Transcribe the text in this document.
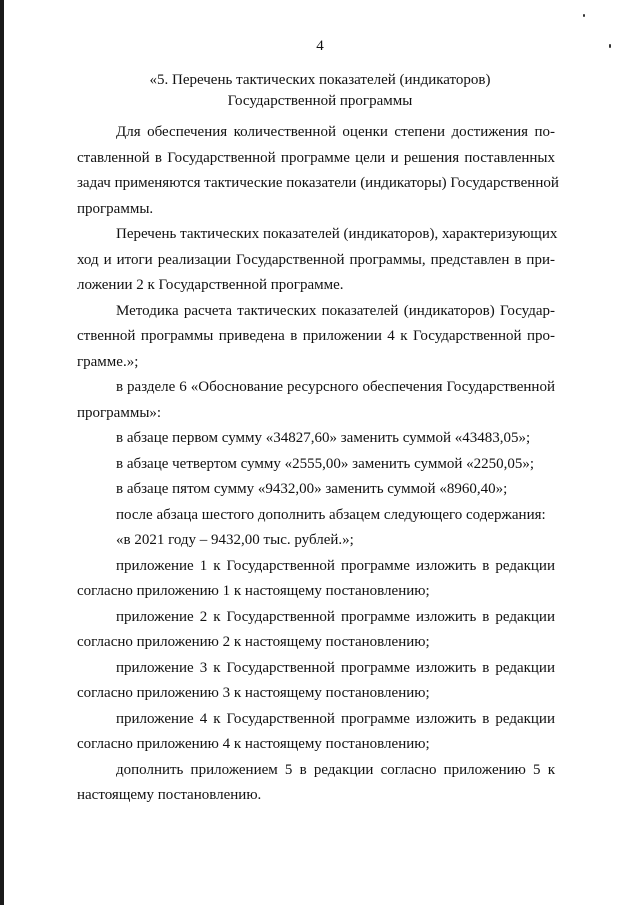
4
«5. Перечень тактических показателей (индикаторов)
Государственной программы
Для обеспечения количественной оценки степени достижения по-
ставленной в Государственной программе цели и решения поставленных
задач применяются тактические показатели (индикаторы) Государственной
программы.
Перечень тактических показателей (индикаторов), характеризующих
ход и итоги реализации Государственной программы, представлен в при-
ложении 2 к Государственной программе.
Методика расчета тактических показателей (индикаторов) Государ-
ственной программы приведена в приложении 4 к Государственной про-
грамме.»;
в разделе 6 «Обоснование ресурсного обеспечения Государственной
программы»:
в абзаце первом сумму «34827,60» заменить суммой «43483,05»;
в абзаце четвертом сумму «2555,00» заменить суммой «2250,05»;
в абзаце пятом сумму «9432,00» заменить суммой «8960,40»;
после абзаца шестого дополнить абзацем следующего содержания:
«в 2021 году – 9432,00 тыс. рублей.»;
приложение 1 к Государственной программе изложить в редакции
согласно приложению 1 к настоящему постановлению;
приложение 2 к Государственной программе изложить в редакции
согласно приложению 2 к настоящему постановлению;
приложение 3 к Государственной программе изложить в редакции
согласно приложению 3 к настоящему постановлению;
приложение 4 к Государственной программе изложить в редакции
согласно приложению 4 к настоящему постановлению;
дополнить приложением 5 в редакции согласно приложению 5 к
настоящему постановлению.
